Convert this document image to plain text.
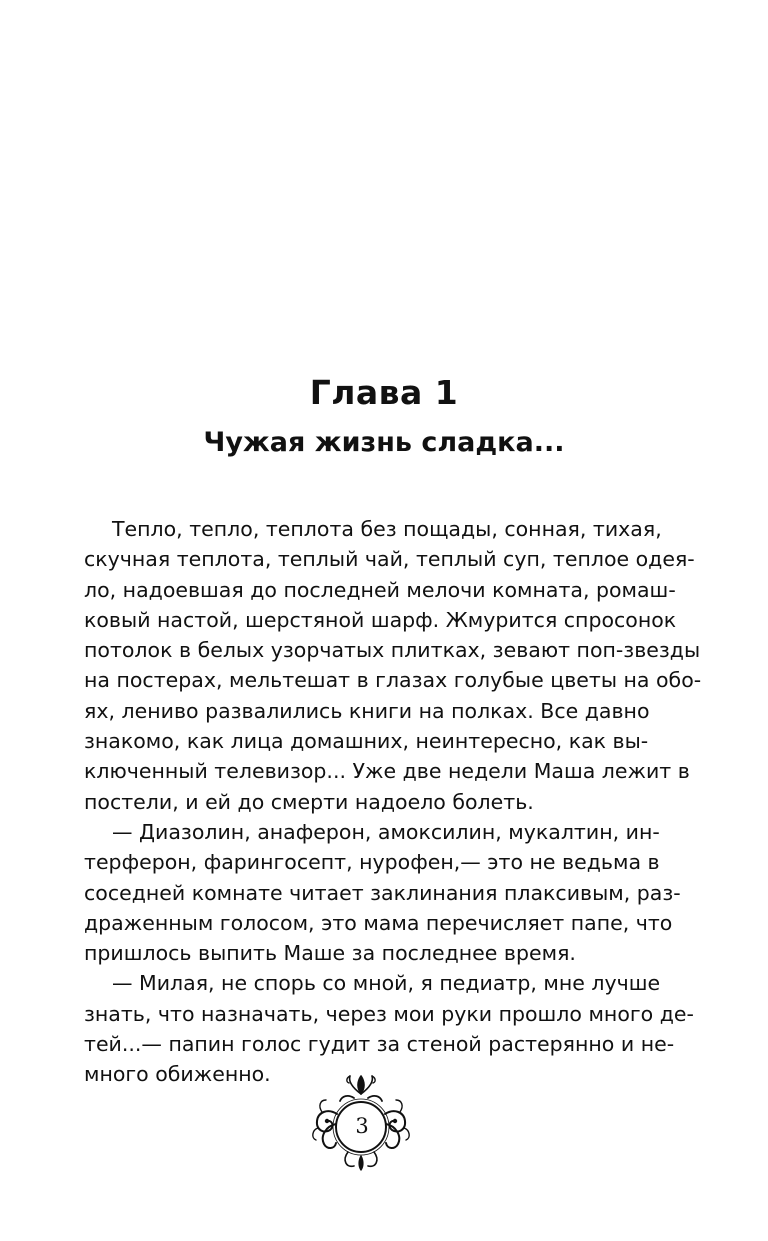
Глава 1
Чужая жизнь сладка...
Тепло, тепло, теплота без пощады, сонная, тихая,
скучная теплота, теплый чай, теплый суп, теплое одея-
ло, надоевшая до последней мелочи комната, ромаш-
ковый настой, шерстяной шарф. Жмурится спросонок
потолок в белых узорчатых плитках, зевают поп-звезды
на постерах, мельтешат в глазах голубые цветы на обо-
ях, лениво развалились книги на полках. Все давно
знакомо, как лица домашних, неинтересно, как вы-
ключенный телевизор... Уже две недели Маша лежит в
постели, и ей до смерти надоело болеть.
— Диазолин, анаферон, амоксилин, мукалтин, ин-
терферон, фарингосепт, нурофен,— это не ведьма в
соседней комнате читает заклинания плаксивым, раз-
драженным голосом, это мама перечисляет папе, что
пришлось выпить Маше за последнее время.
— Милая, не спорь со мной, я педиатр, мне лучше
знать, что назначать, через мои руки прошло много де-
тей...— папин голос гудит за стеной растерянно и не-
много обиженно.
3
